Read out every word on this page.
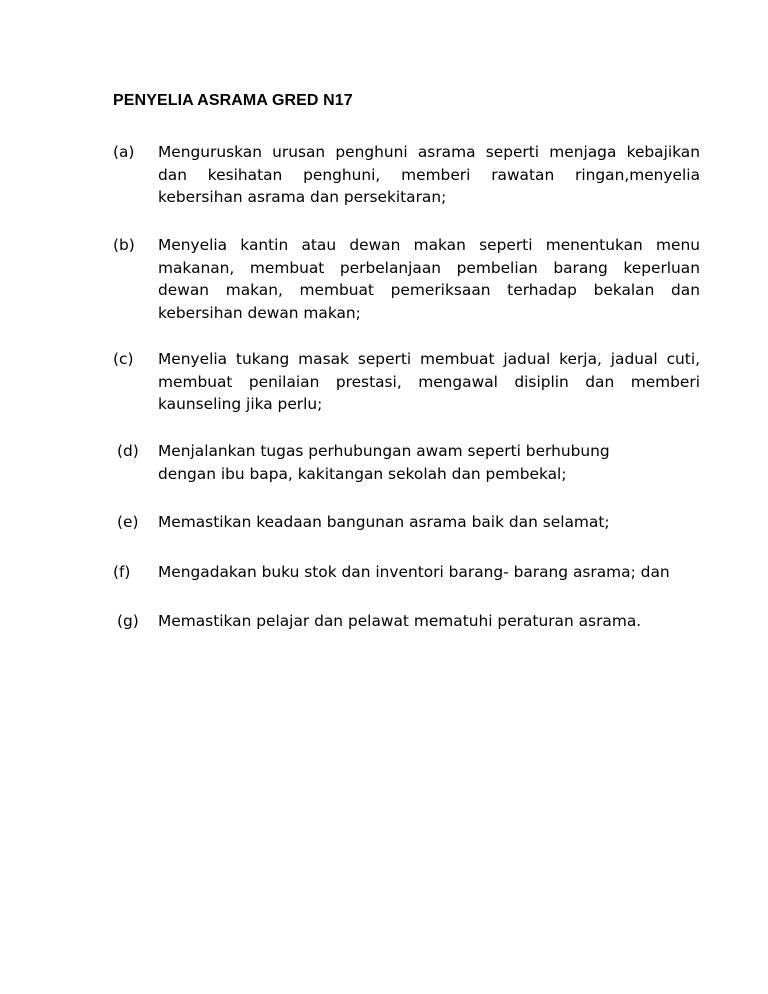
PENYELIA ASRAMA GRED N17
(a) Menguruskan urusan penghuni asrama seperti menjaga kebajikan dan kesihatan penghuni, memberi rawatan ringan,menyelia kebersihan asrama dan persekitaran;

(b) Menyelia kantin atau dewan makan seperti menentukan menu makanan, membuat perbelanjaan pembelian barang keperluan dewan makan, membuat pemeriksaan terhadap bekalan dan kebersihan dewan makan;

(c) Menyelia tukang masak seperti membuat jadual kerja, jadual cuti, membuat penilaian prestasi, mengawal disiplin dan memberi kaunseling jika perlu;

(d) Menjalankan tugas perhubungan awam seperti berhubung
dengan ibu bapa, kakitangan sekolah dan pembekal;

(e) Memastikan keadaan bangunan asrama baik dan selamat;

(f) Mengadakan buku stok dan inventori barang- barang asrama; dan

(g) Memastikan pelajar dan pelawat mematuhi peraturan asrama.
